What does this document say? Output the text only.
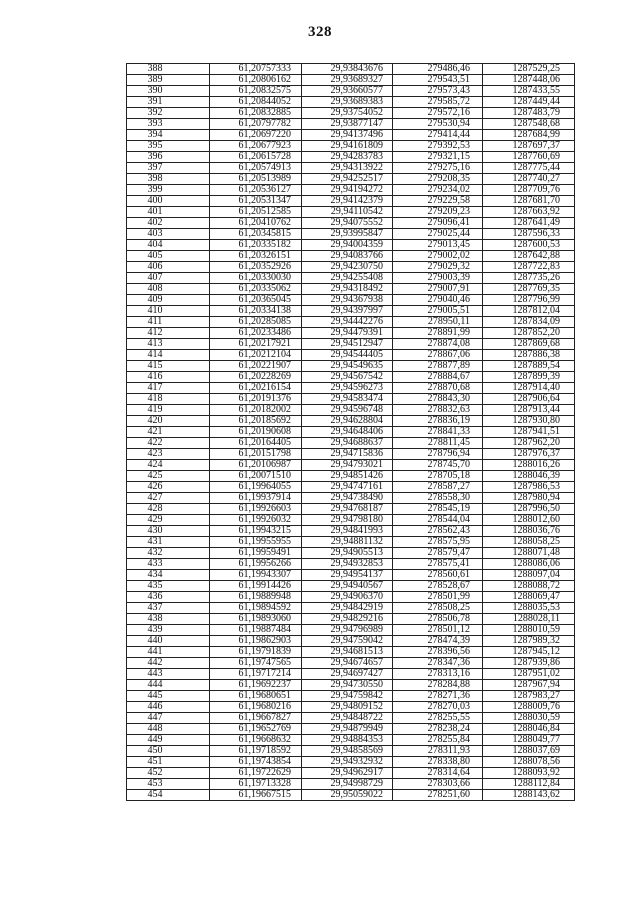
328
388	61,20757333	29,93843676	279486,46	1287529,25
389	61,20806162	29,93689327	279543,51	1287448,06
390	61,20832575	29,93660577	279573,43	1287433,55
391	61,20844052	29,93689383	279585,72	1287449,44
392	61,20832885	29,93754052	279572,16	1287483,79
393	61,20797782	29,93877147	279530,94	1287548,68
394	61,20697220	29,94137496	279414,44	1287684,99
395	61,20677923	29,94161809	279392,53	1287697,37
396	61,20615728	29,94283783	279321,15	1287760,69
397	61,20574913	29,94313922	279275,16	1287775,44
398	61,20513989	29,94252517	279208,35	1287740,27
399	61,20536127	29,94194272	279234,02	1287709,76
400	61,20531347	29,94142379	279229,58	1287681,70
401	61,20512585	29,94110542	279209,23	1287663,92
402	61,20410762	29,94075552	279096,41	1287641,49
403	61,20345815	29,93995847	279025,44	1287596,33
404	61,20335182	29,94004359	279013,45	1287600,53
405	61,20326151	29,94083766	279002,02	1287642,88
406	61,20352926	29,94230750	279029,32	1287722,83
407	61,20330030	29,94255408	279003,39	1287735,26
408	61,20335062	29,94318492	279007,91	1287769,35
409	61,20365045	29,94367938	279040,46	1287796,99
410	61,20334138	29,94397997	279005,51	1287812,04
411	61,20285085	29,94442276	278950,11	1287834,09
412	61,20233486	29,94479391	278891,99	1287852,20
413	61,20217921	29,94512947	278874,08	1287869,68
414	61,20212104	29,94544405	278867,06	1287886,38
415	61,20221907	29,94549635	278877,89	1287889,54
416	61,20228269	29,94567542	278884,67	1287899,39
417	61,20216154	29,94596273	278870,68	1287914,40
418	61,20191376	29,94583474	278843,30	1287906,64
419	61,20182002	29,94596748	278832,63	1287913,44
420	61,20185692	29,94628804	278836,19	1287930,80
421	61,20190608	29,94648406	278841,33	1287941,51
422	61,20164405	29,94688637	278811,45	1287962,20
423	61,20151798	29,94715836	278796,94	1287976,37
424	61,20106987	29,94793021	278745,70	1288016,26
425	61,20071510	29,94851426	278705,18	1288046,39
426	61,19964055	29,94747161	278587,27	1287986,53
427	61,19937914	29,94738490	278558,30	1287980,94
428	61,19926603	29,94768187	278545,19	1287996,50
429	61,19926032	29,94798180	278544,04	1288012,60
430	61,19943215	29,94841993	278562,43	1288036,76
431	61,19955955	29,94881132	278575,95	1288058,25
432	61,19959491	29,94905513	278579,47	1288071,48
433	61,19956266	29,94932853	278575,41	1288086,06
434	61,19943307	29,94954137	278560,61	1288097,04
435	61,19914426	29,94940567	278528,67	1288088,72
436	61,19889948	29,94906370	278501,99	1288069,47
437	61,19894592	29,94842919	278508,25	1288035,53
438	61,19893060	29,94829216	278506,78	1288028,11
439	61,19887484	29,94796989	278501,12	1288010,59
440	61,19862903	29,94759042	278474,39	1287989,32
441	61,19791839	29,94681513	278396,56	1287945,12
442	61,19747565	29,94674657	278347,36	1287939,86
443	61,19717214	29,94697427	278313,16	1287951,02
444	61,19692237	29,94730550	278284,88	1287967,94
445	61,19680651	29,94759842	278271,36	1287983,27
446	61,19680216	29,94809152	278270,03	1288009,76
447	61,19667827	29,94848722	278255,55	1288030,59
448	61,19652769	29,94879949	278238,24	1288046,84
449	61,19668632	29,94884353	278255,84	1288049,77
450	61,19718592	29,94858569	278311,93	1288037,69
451	61,19743854	29,94932932	278338,80	1288078,56
452	61,19722629	29,94962917	278314,64	1288093,92
453	61,19713328	29,94998729	278303,66	1288112,84
454	61,19667515	29,95059022	278251,60	1288143,62
